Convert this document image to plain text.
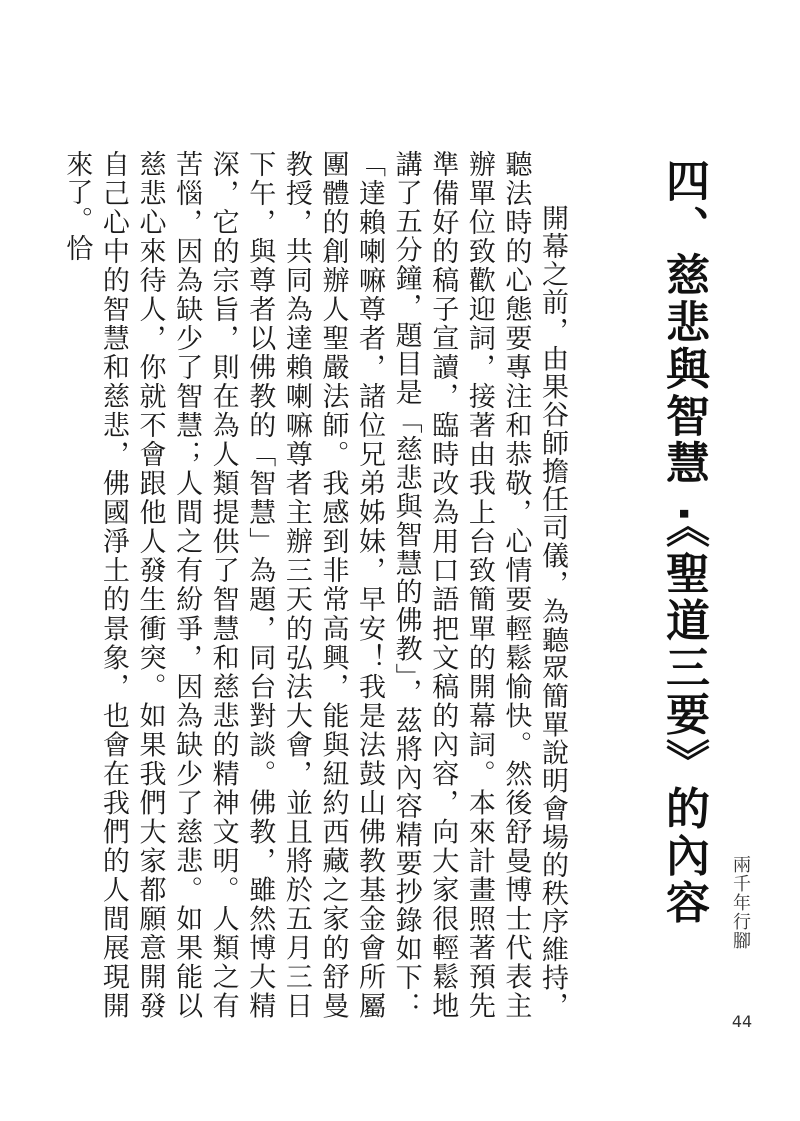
四、慈悲與智慧 ·《聖道三要》的內容

開幕之前，由果谷師擔任司儀，為聽眾簡單說明會場的秩序維持，聽法時的心態要專注和恭敬，心情要輕鬆愉快。然後舒曼博士代表主辦單位致歡迎詞，接著由我上台致簡單的開幕詞。本來計畫照著預先準備好的稿子宣讀，臨時改為用口語把文稿的內容，向大家很輕鬆地講了五分鐘，題目是「慈悲與智慧的佛教」，茲將內容精要抄錄如下：「達賴喇嘛尊者，諸位兄弟姊妹，早安！我是法鼓山佛教基金會所屬團體的創辦人聖嚴法師。我感到非常高興，能與紐約西藏之家的舒曼教授，共同為達賴喇嘛尊者主辦三天的弘法大會，並且將於五月三日下午，與尊者以佛教的「智慧」為題，同台對談。佛教，雖然博大精深，它的宗旨，則在為人類提供了智慧和慈悲的精神文明。人類之有苦惱，因為缺少了智慧；人間之有紛爭，因為缺少了慈悲。如果能以慈悲心來待人，你就不會跟他人發生衝突。如果我們大家都願意開發自己心中的智慧和慈悲，佛國淨土的景象，也會在我們的人間展現開來了。恰

兩千年行腳
44
